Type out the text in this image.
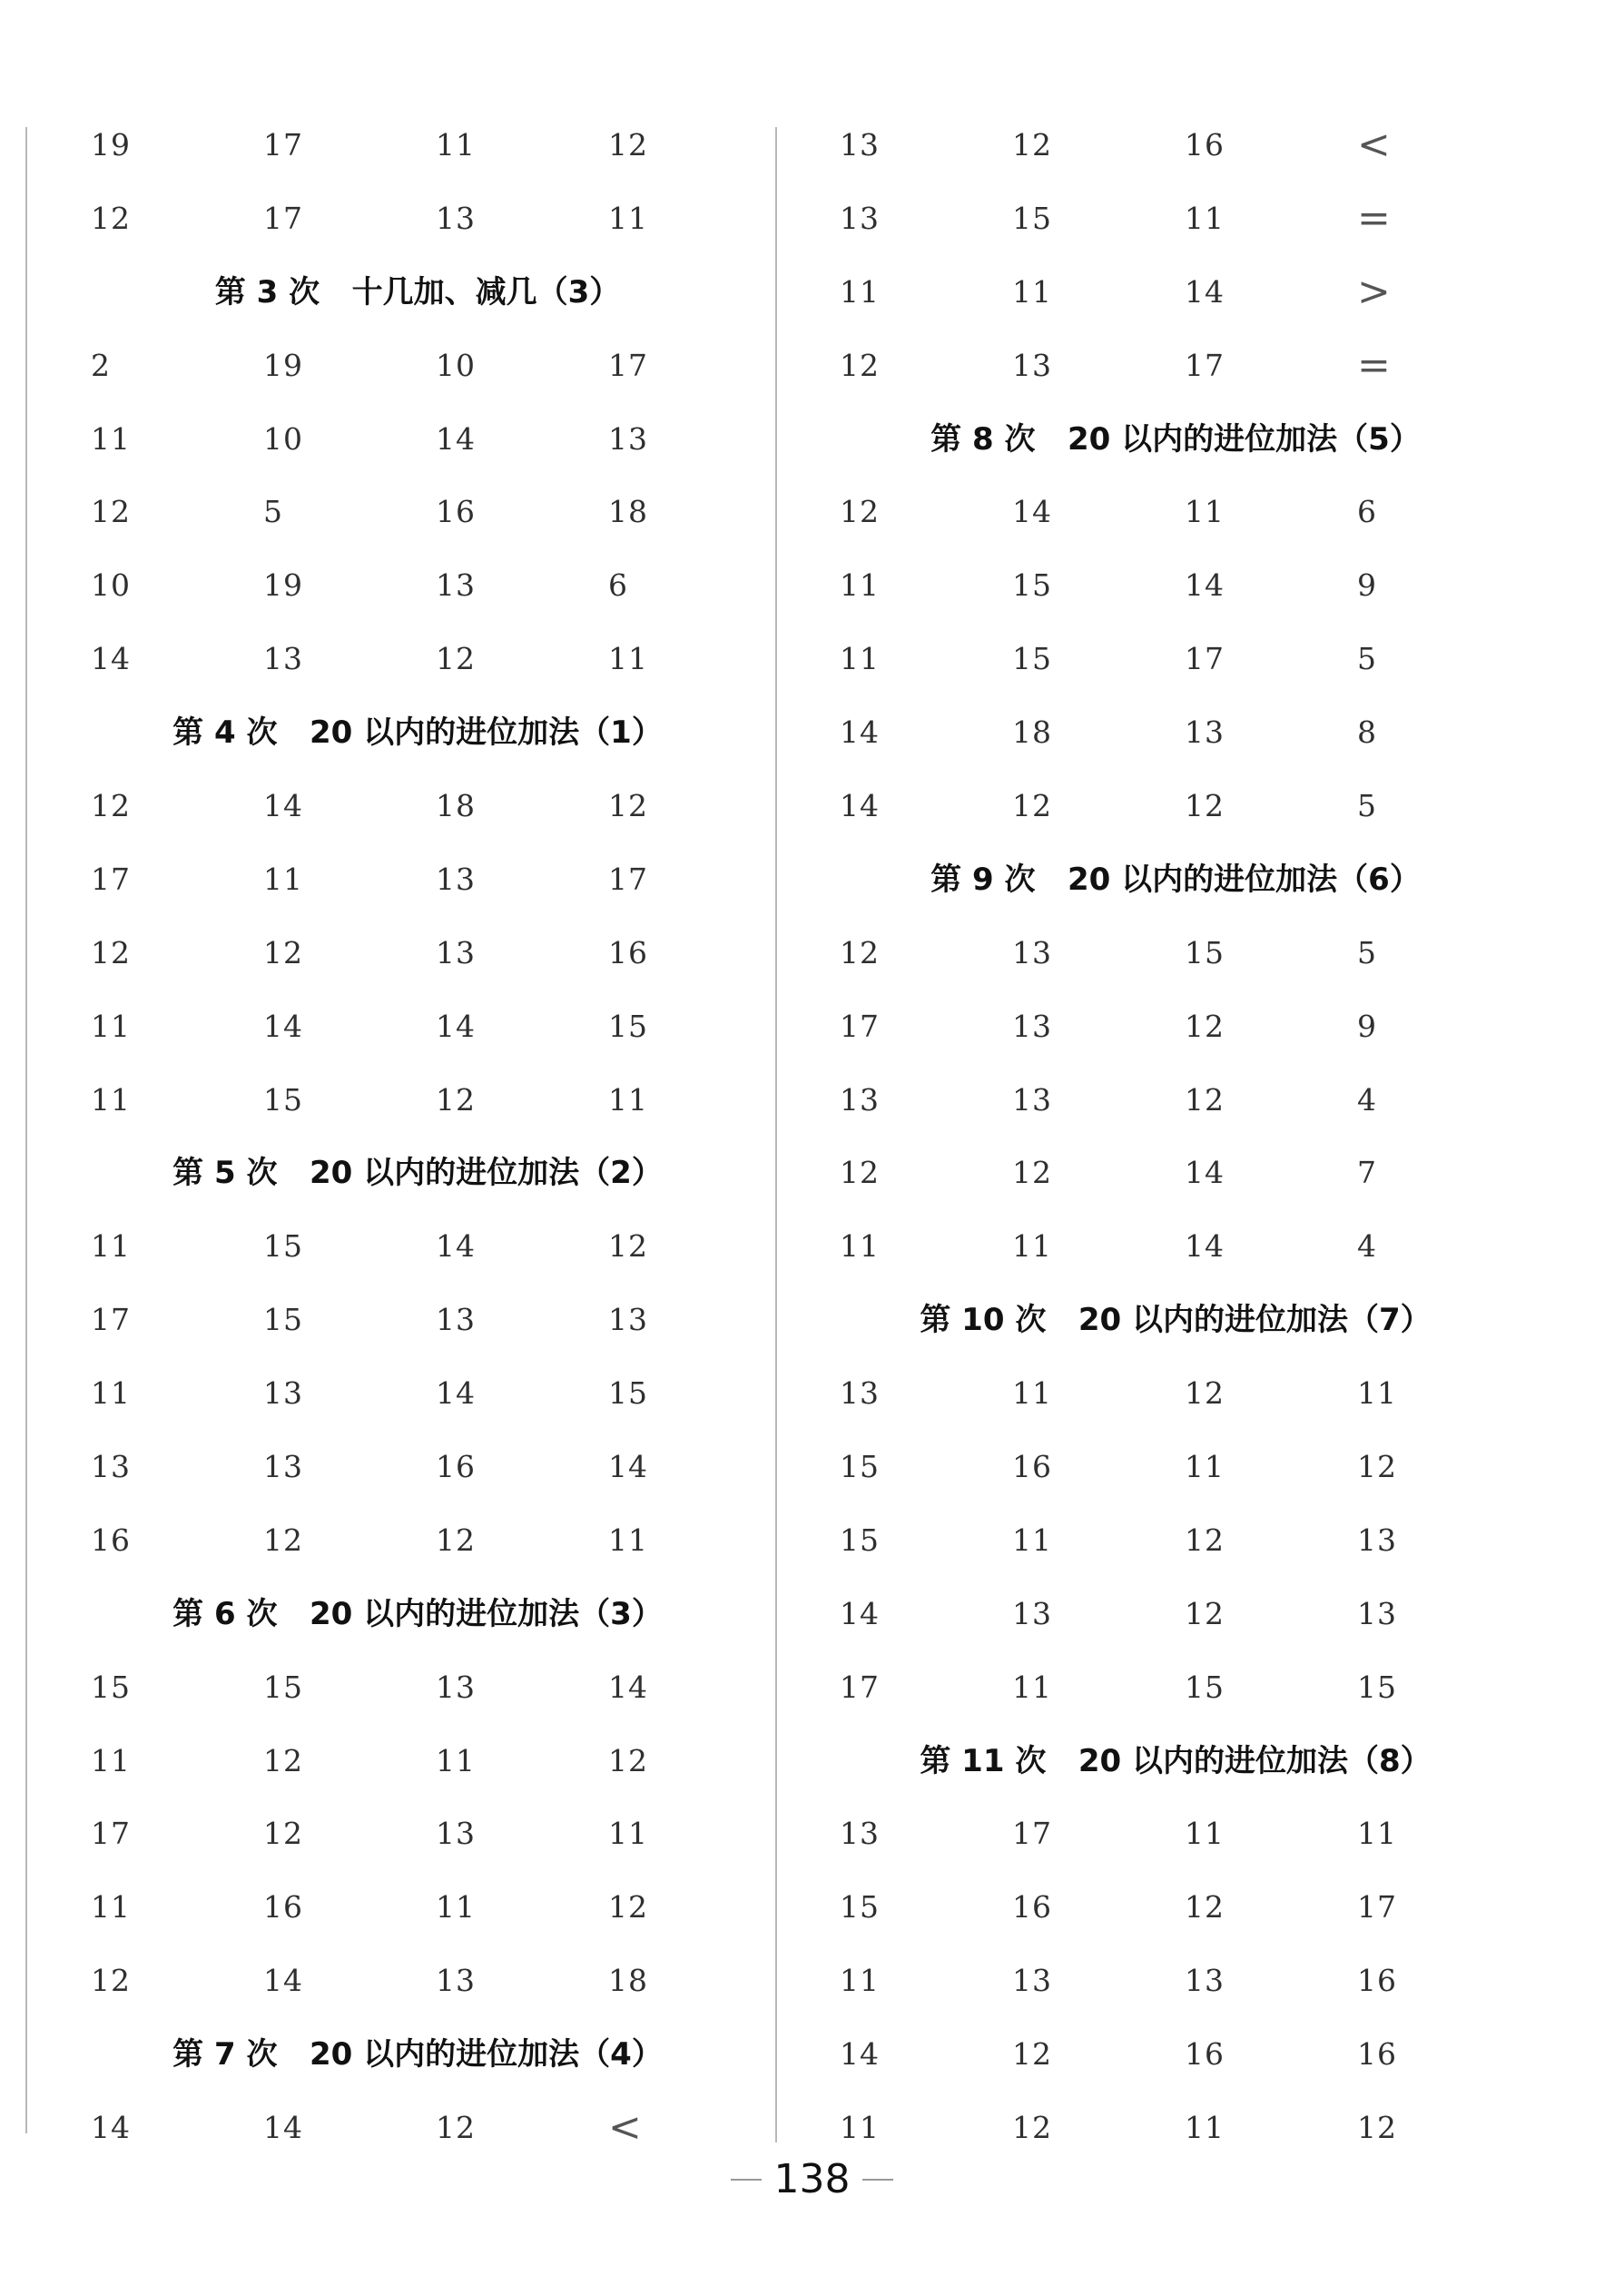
19	17	11	12
12	17	13	11
第 3 次   十几加、减几（3）
2	19	10	17
11	10	14	13
12	5	16	18
10	19	13	6
14	13	12	11
第 4 次   20 以内的进位加法（1）
12	14	18	12
17	11	13	17
12	12	13	16
11	14	14	15
11	15	12	11
第 5 次   20 以内的进位加法（2）
11	15	14	12
17	15	13	13
11	13	14	15
13	13	16	14
16	12	12	11
第 6 次   20 以内的进位加法（3）
15	15	13	14
11	12	11	12
17	12	13	11
11	16	11	12
12	14	13	18
第 7 次   20 以内的进位加法（4）
14	14	12	<
13	12	16	<
13	15	11	=
11	11	14	>
12	13	17	=
第 8 次   20 以内的进位加法（5）
12	14	11	6
11	15	14	9
11	15	17	5
14	18	13	8
14	12	12	5
第 9 次   20 以内的进位加法（6）
12	13	15	5
17	13	12	9
13	13	12	4
12	12	14	7
11	11	14	4
第 10 次   20 以内的进位加法（7）
13	11	12	11
15	16	11	12
15	11	12	13
14	13	12	13
17	11	15	15
第 11 次   20 以内的进位加法（8）
13	17	11	11
15	16	12	17
11	13	13	16
14	12	16	16
11	12	11	12
138
